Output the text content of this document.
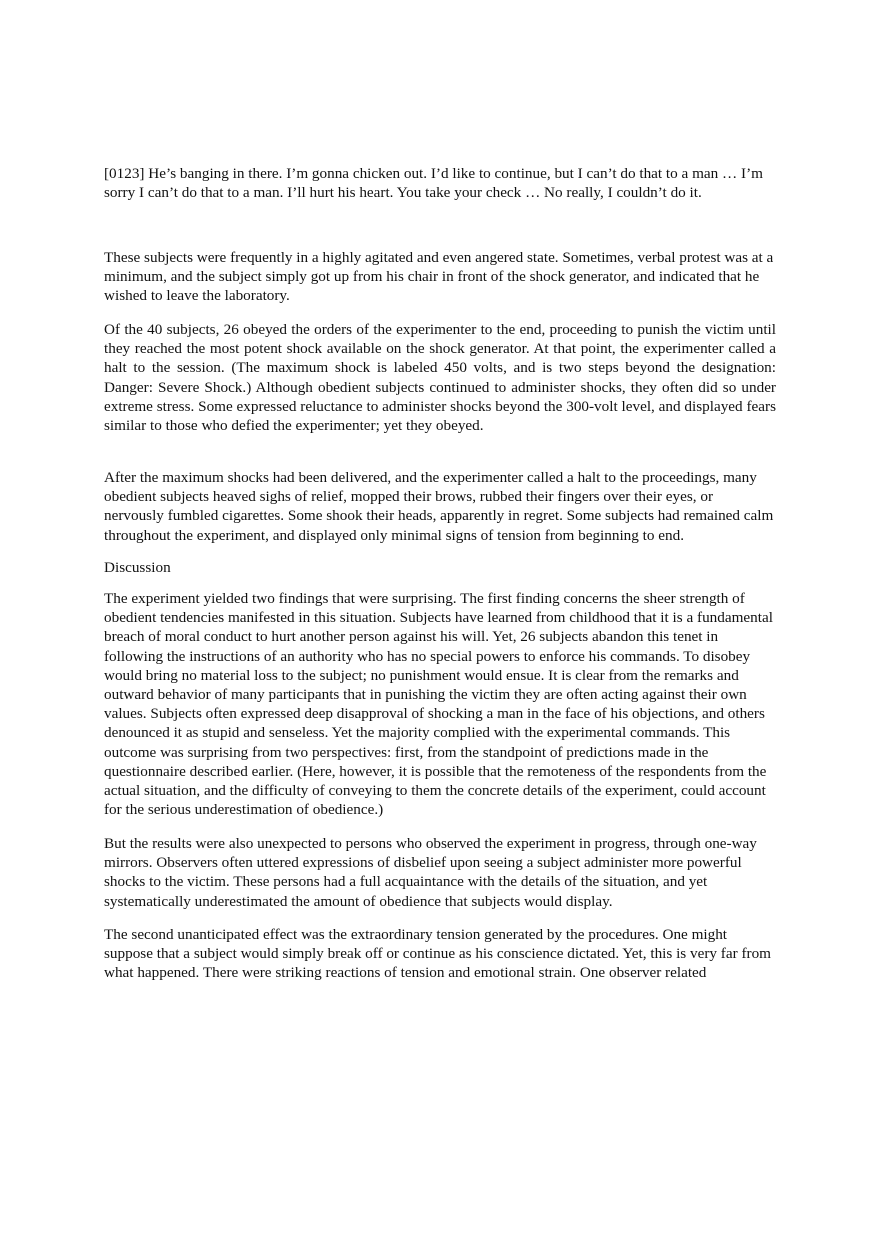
[0123] He’s banging in there. I’m gonna chicken out. I’d like to continue, but I can’t do that to a man … I’m sorry I can’t do that to a man. I’ll hurt his heart. You take your check … No really, I couldn’t do it.

These subjects were frequently in a highly agitated and even angered state. Sometimes, verbal protest was at a minimum, and the subject simply got up from his chair in front of the shock generator, and indicated that he wished to leave the laboratory.

Of the 40 subjects, 26 obeyed the orders of the experimenter to the end, proceeding to punish the victim until they reached the most potent shock available on the shock generator. At that point, the experimenter called a halt to the session. (The maximum shock is labeled 450 volts, and is two steps beyond the designation: Danger: Severe Shock.) Although obedient subjects continued to administer shocks, they often did so under extreme stress. Some expressed reluctance to administer shocks beyond the 300-volt level, and displayed fears similar to those who defied the experimenter; yet they obeyed.

After the maximum shocks had been delivered, and the experimenter called a halt to the proceedings, many obedient subjects heaved sighs of relief, mopped their brows, rubbed their fingers over their eyes, or nervously fumbled cigarettes. Some shook their heads, apparently in regret. Some subjects had remained calm throughout the experiment, and displayed only minimal signs of tension from beginning to end.

Discussion

The experiment yielded two findings that were surprising. The first finding concerns the sheer strength of obedient tendencies manifested in this situation. Subjects have learned from childhood that it is a fundamental breach of moral conduct to hurt another person against his will. Yet, 26 subjects abandon this tenet in following the instructions of an authority who has no special powers to enforce his commands. To disobey would bring no material loss to the subject; no punishment would ensue. It is clear from the remarks and outward behavior of many participants that in punishing the victim they are often acting against their own values. Subjects often expressed deep disapproval of shocking a man in the face of his objections, and others denounced it as stupid and senseless. Yet the majority complied with the experimental commands. This outcome was surprising from two perspectives: first, from the standpoint of predictions made in the questionnaire described earlier. (Here, however, it is possible that the remoteness of the respondents from the actual situation, and the difficulty of conveying to them the concrete details of the experiment, could account for the serious underestimation of obedience.)

But the results were also unexpected to persons who observed the experiment in progress, through one-way mirrors. Observers often uttered expressions of disbelief upon seeing a subject administer more powerful shocks to the victim. These persons had a full acquaintance with the details of the situation, and yet systematically underestimated the amount of obedience that subjects would display.

The second unanticipated effect was the extraordinary tension generated by the procedures. One might suppose that a subject would simply break off or continue as his conscience dictated. Yet, this is very far from what happened. There were striking reactions of tension and emotional strain. One observer related
